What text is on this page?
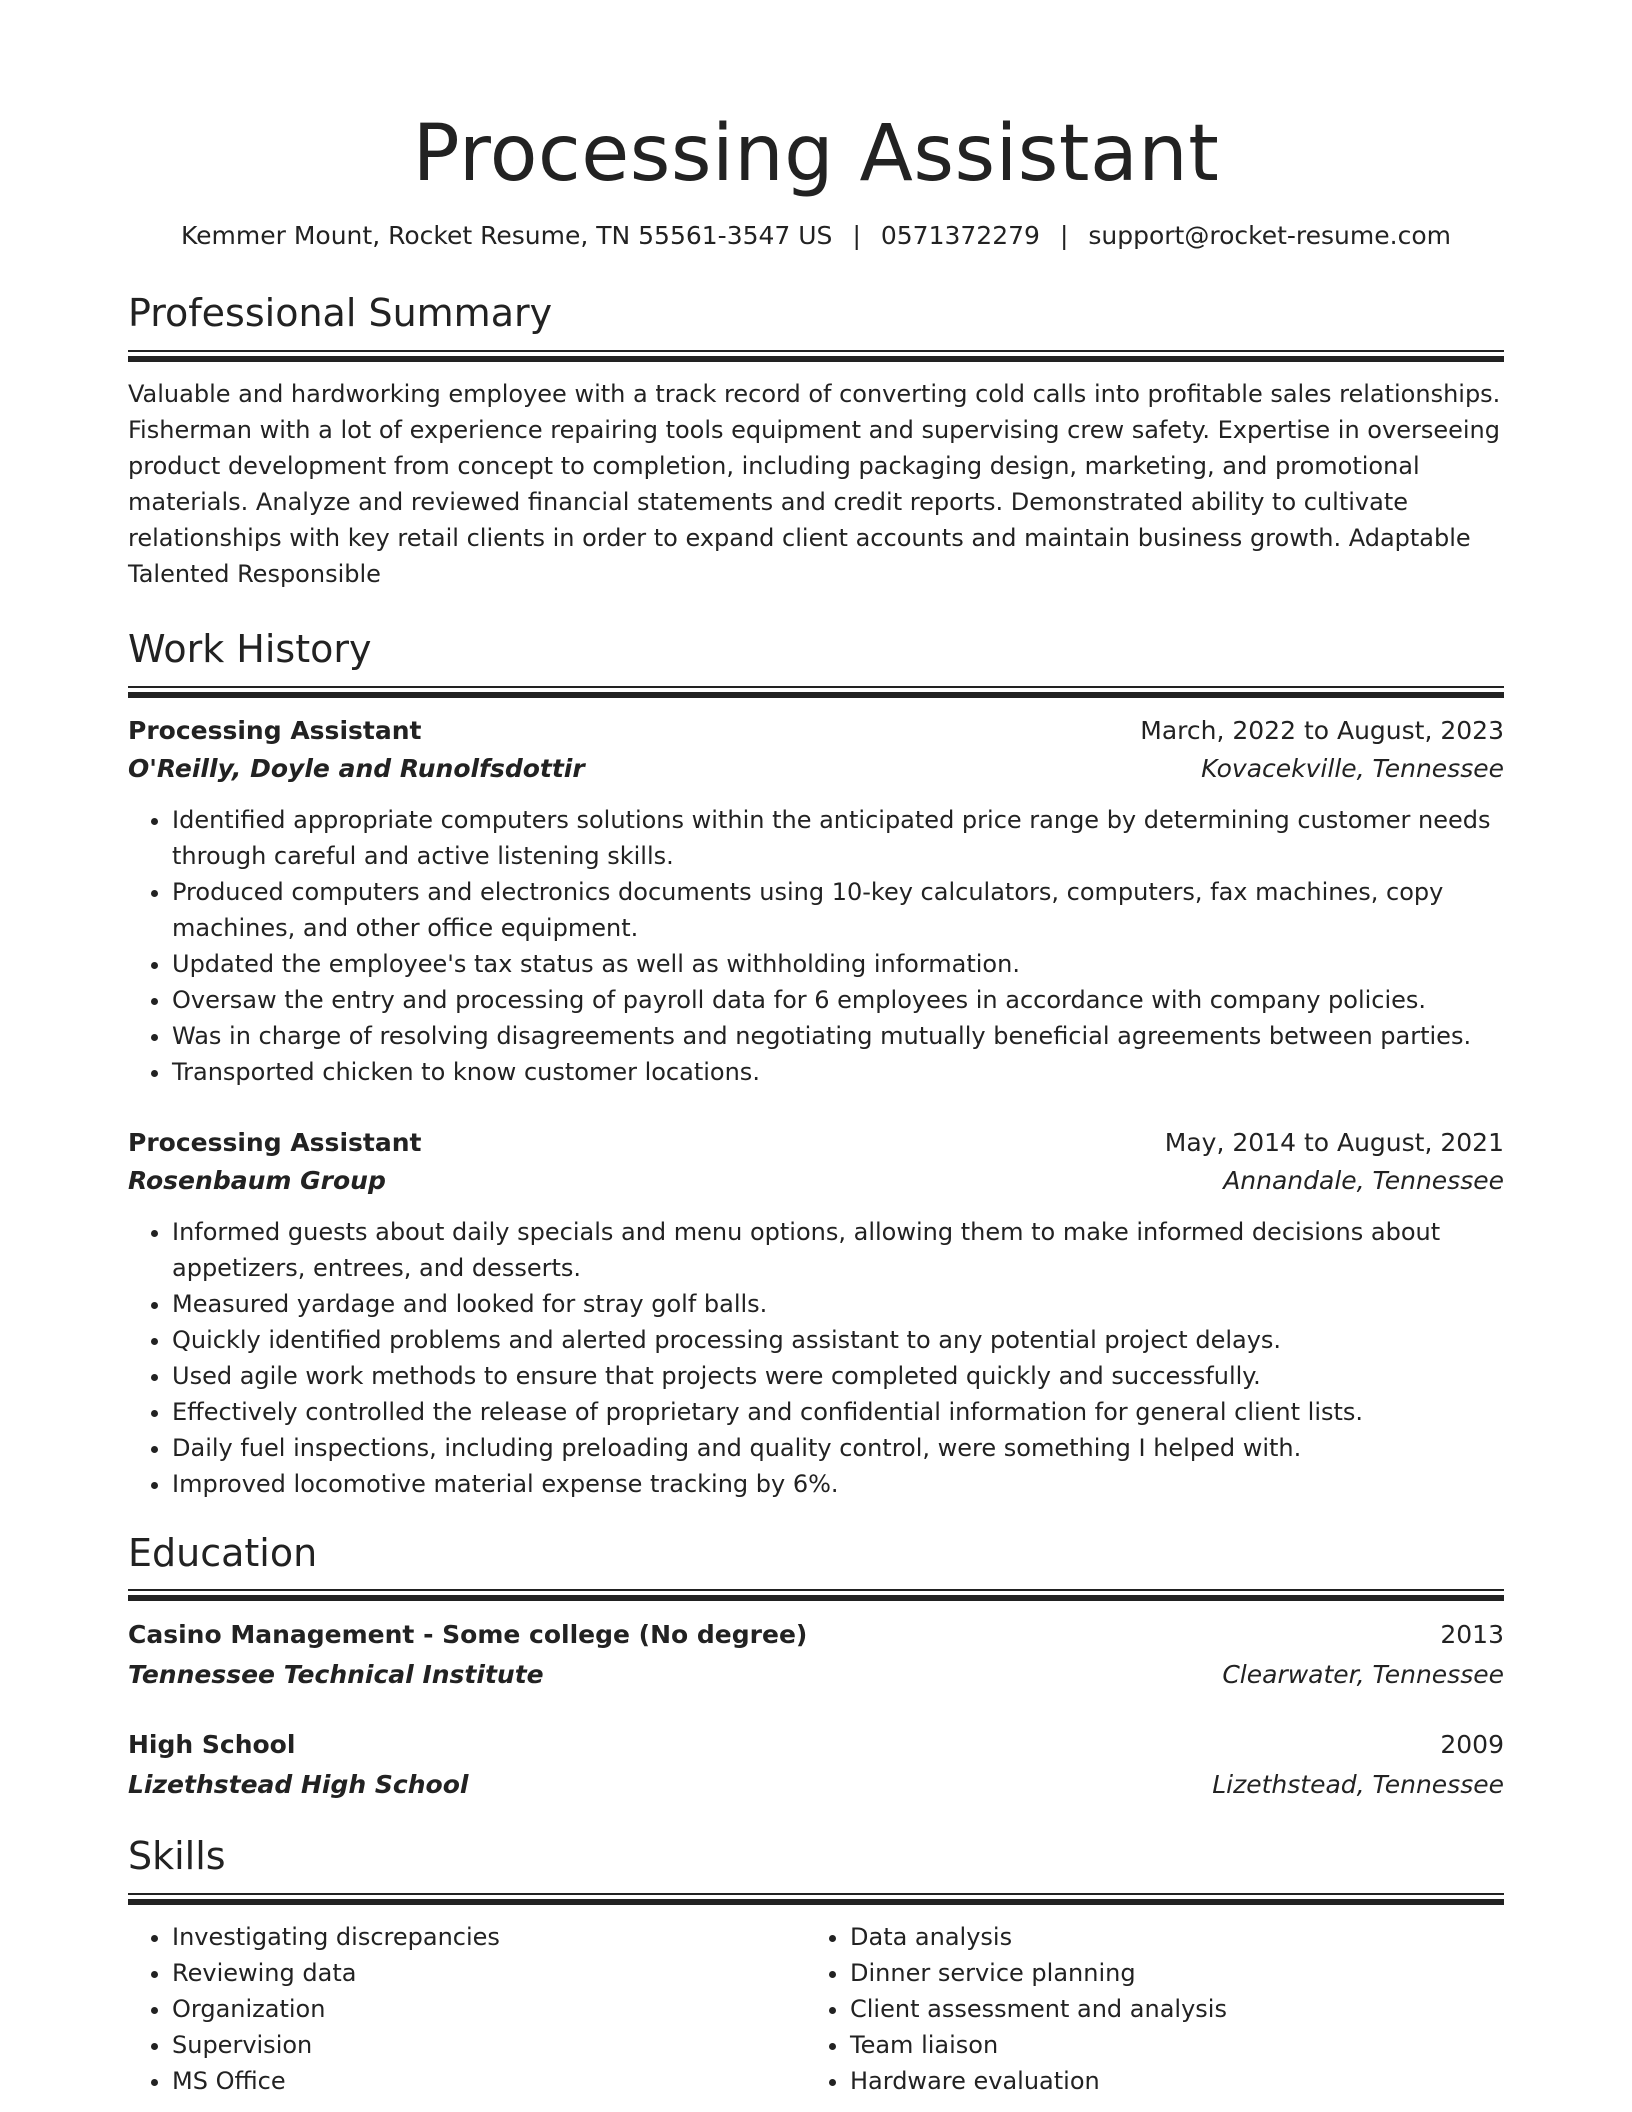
Processing Assistant
Kemmer Mount, Rocket Resume, TN 55561-3547 US | 0571372279 | support@rocket-resume.com
Professional Summary
Valuable and hardworking employee with a track record of converting cold calls into profitable sales relationships. Fisherman with a lot of experience repairing tools equipment and supervising crew safety. Expertise in overseeing product development from concept to completion, including packaging design, marketing, and promotional materials. Analyze and reviewed financial statements and credit reports. Demonstrated ability to cultivate relationships with key retail clients in order to expand client accounts and maintain business growth. Adaptable Talented Responsible
Work History
Processing Assistant	March, 2022 to August, 2023
O'Reilly, Doyle and Runolfsdottir	Kovacekville, Tennessee
• Identified appropriate computers solutions within the anticipated price range by determining customer needs through careful and active listening skills.
• Produced computers and electronics documents using 10-key calculators, computers, fax machines, copy machines, and other office equipment.
• Updated the employee's tax status as well as withholding information.
• Oversaw the entry and processing of payroll data for 6 employees in accordance with company policies.
• Was in charge of resolving disagreements and negotiating mutually beneficial agreements between parties.
• Transported chicken to know customer locations.
Processing Assistant	May, 2014 to August, 2021
Rosenbaum Group	Annandale, Tennessee
• Informed guests about daily specials and menu options, allowing them to make informed decisions about appetizers, entrees, and desserts.
• Measured yardage and looked for stray golf balls.
• Quickly identified problems and alerted processing assistant to any potential project delays.
• Used agile work methods to ensure that projects were completed quickly and successfully.
• Effectively controlled the release of proprietary and confidential information for general client lists.
• Daily fuel inspections, including preloading and quality control, were something I helped with.
• Improved locomotive material expense tracking by 6%.
Education
Casino Management - Some college (No degree)	2013
Tennessee Technical Institute	Clearwater, Tennessee
High School	2009
Lizethstead High School	Lizethstead, Tennessee
Skills
• Investigating discrepancies
• Reviewing data
• Organization
• Supervision
• MS Office
• Data analysis
• Dinner service planning
• Client assessment and analysis
• Team liaison
• Hardware evaluation
